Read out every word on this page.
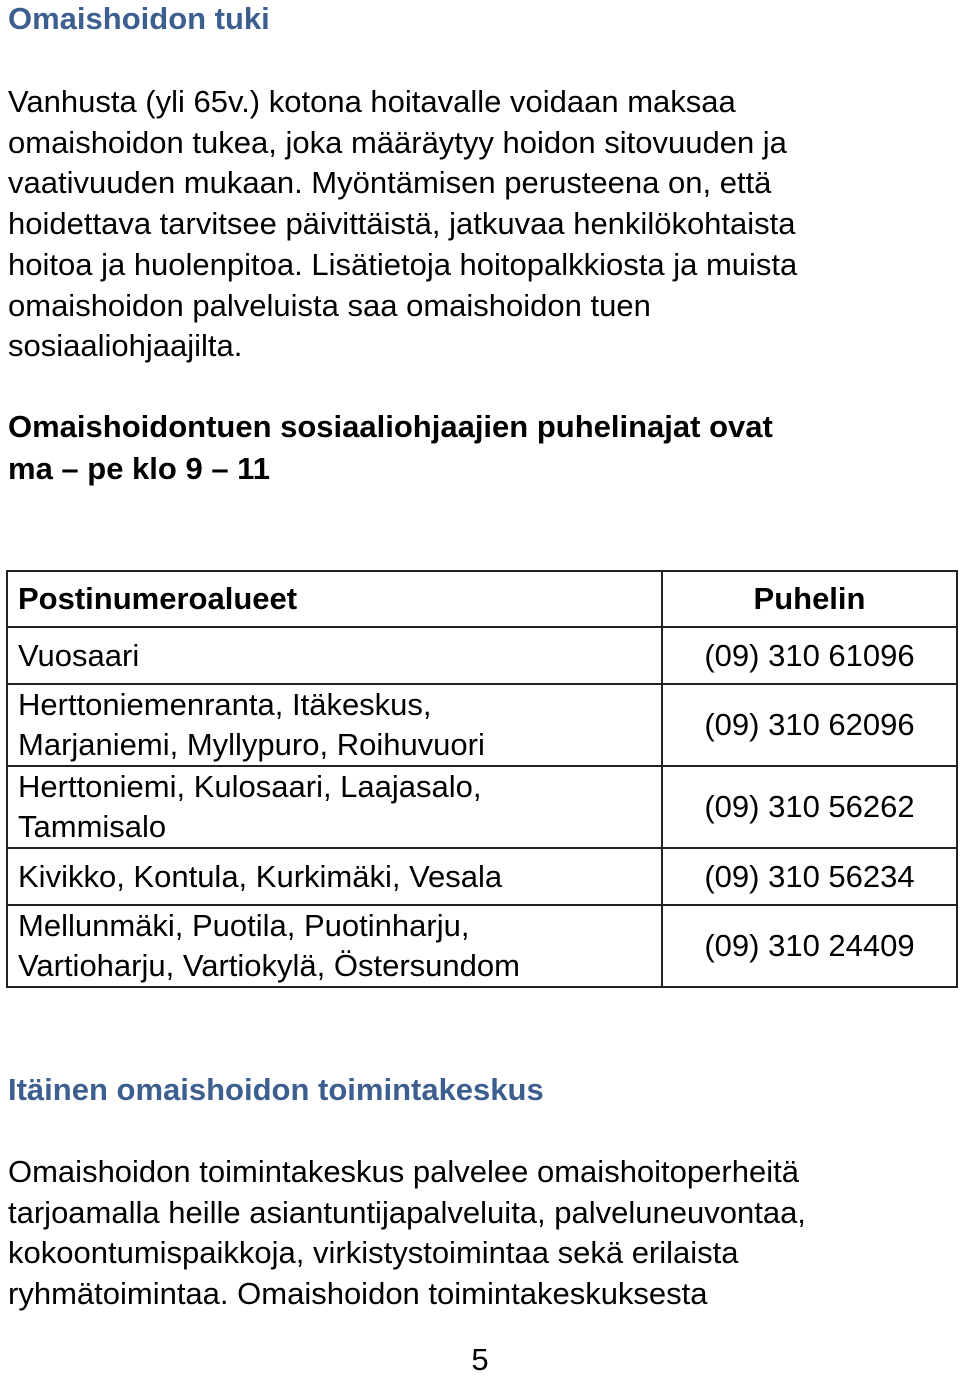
Omaishoidon tuki

Vanhusta (yli 65v.) kotona hoitavalle voidaan maksaa
omaishoidon tukea, joka määräytyy hoidon sitovuuden ja
vaativuuden mukaan. Myöntämisen perusteena on, että
hoidettava tarvitsee päivittäistä, jatkuvaa henkilökohtaista
hoitoa ja huolenpitoa. Lisätietoja hoitopalkkiosta ja muista
omaishoidon palveluista saa omaishoidon tuen
sosiaaliohjaajilta.

Omaishoidontuen sosiaaliohjaajien puhelinajat ovat
ma – pe klo 9 – 11

Postinumeroalueet	Puhelin

Vuosaari	(09) 310 61096

Herttoniemenranta, Itäkeskus,
Marjaniemi, Myllypuro, Roihuvuori	(09) 310 62096

Herttoniemi, Kulosaari, Laajasalo,
Tammisalo	(09) 310 56262

Kivikko, Kontula, Kurkimäki, Vesala	(09) 310 56234

Mellunmäki, Puotila, Puotinharju,
Vartioharju, Vartiokylä, Östersundom	(09) 310 24409
Itäinen omaishoidon toimintakeskus

Omaishoidon toimintakeskus palvelee omaishoitoperheitä
tarjoamalla heille asiantuntijapalveluita, palveluneuvontaa,
kokoontumispaikkoja, virkistystoimintaa sekä erilaista
ryhmätoimintaa. Omaishoidon toimintakeskuksesta

5
